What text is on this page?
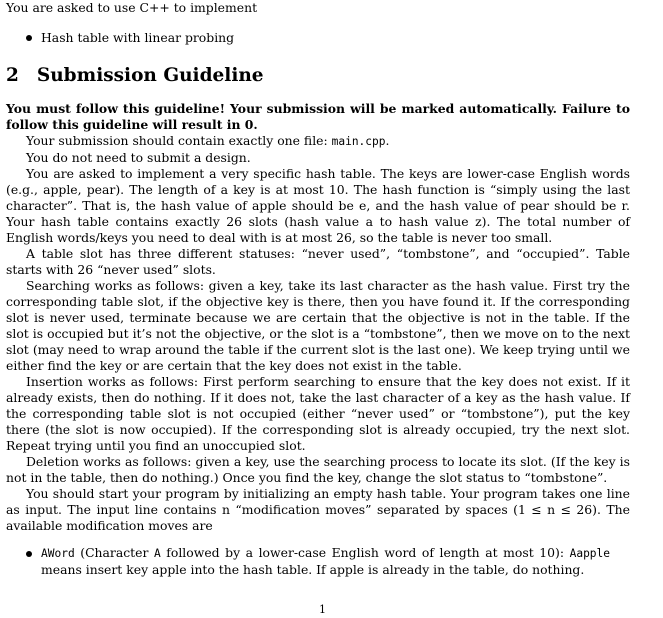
You are asked to use C++ to implement
Hash table with linear probing
2 Submission Guideline

You must follow this guideline! Your submission will be marked automatically. Failure to follow this guideline will result in 0.

Your submission should contain exactly one file: main.cpp.

You do not need to submit a design.

You are asked to implement a very specific hash table. The keys are lower-case English words (e.g., apple, pear). The length of a key is at most 10. The hash function is “simply using the last character”. That is, the hash value of apple should be e, and the hash value of pear should be r. Your hash table contains exactly 26 slots (hash value a to hash value z). The total number of English words/keys you need to deal with is at most 26, so the table is never too small.

A table slot has three different statuses: “never used”, “tombstone”, and “occupied”. Table starts with 26 “never used” slots.

Searching works as follows: given a key, take its last character as the hash value. First try the corresponding table slot, if the objective key is there, then you have found it. If the corresponding slot is never used, terminate because we are certain that the objective is not in the table. If the slot is occupied but it’s not the objective, or the slot is a “tombstone”, then we move on to the next slot (may need to wrap around the table if the current slot is the last one). We keep trying until we either find the key or are certain that the key does not exist in the table.

Insertion works as follows: First perform searching to ensure that the key does not exist. If it already exists, then do nothing. If it does not, take the last character of a key as the hash value. If the corresponding table slot is not occupied (either “never used” or “tombstone”), put the key there (the slot is now occupied). If the corresponding slot is already occupied, try the next slot. Repeat trying until you find an unoccupied slot.

Deletion works as follows: given a key, use the searching process to locate its slot. (If the key is not in the table, then do nothing.) Once you find the key, change the slot status to “tombstone”.

You should start your program by initializing an empty hash table. Your program takes one line as input. The input line contains n “modification moves” separated by spaces (1 ≤ n ≤ 26). The available modification moves are

AWord (Character A followed by a lower-case English word of length at most 10): Aapple means insert key apple into the hash table. If apple is already in the table, do nothing.
1
